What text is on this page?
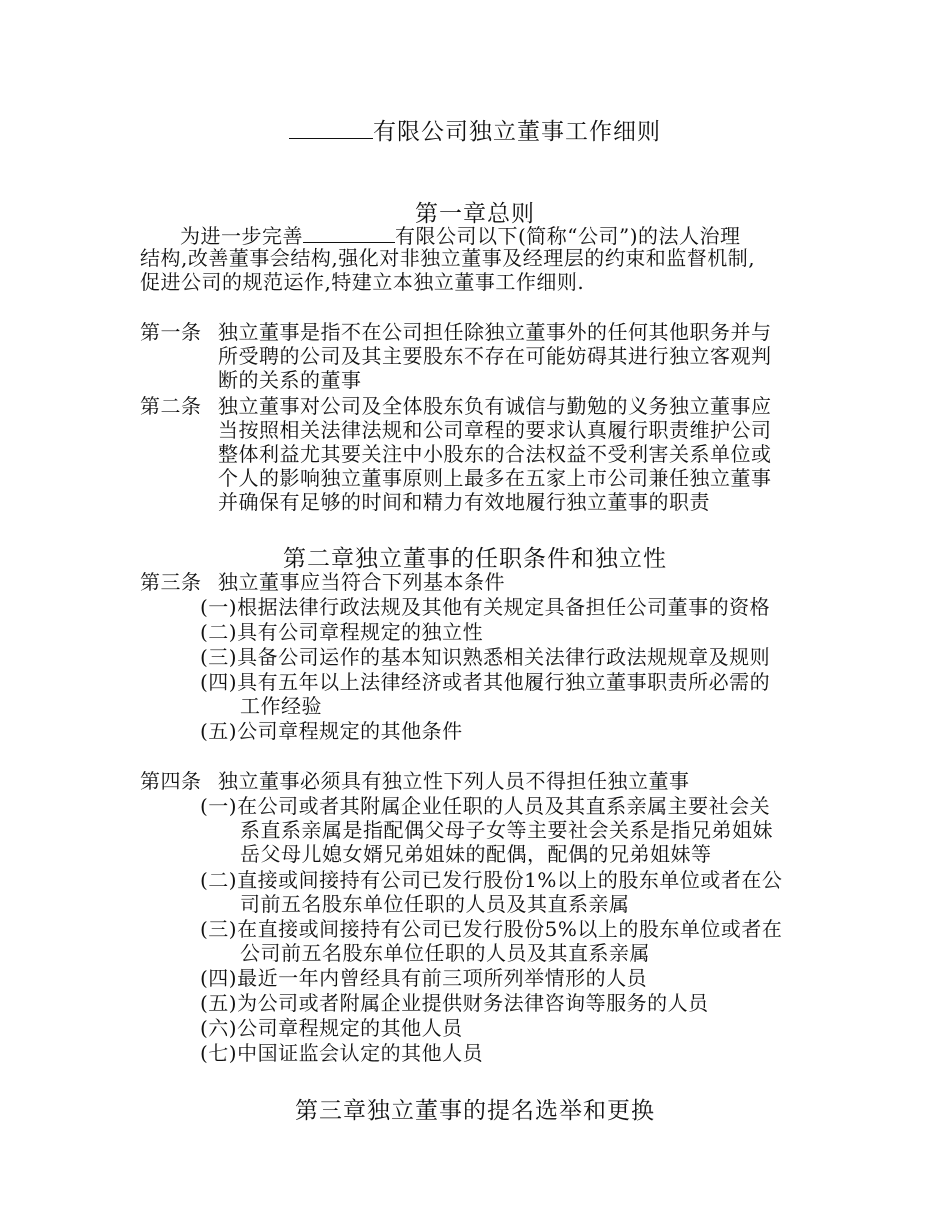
有限公司独立董事工作细则
第一章总则
为进一步完善	有限公司以下(简称“公司”)的法人治理
结构,改善董事会结构,强化对非独立董事及经理层的约束和监督机制,
促进公司的规范运作,特建立本独立董事工作细则.
第一条 独立董事是指不在公司担任除独立董事外的任何其他职务并与
所受聘的公司及其主要股东不存在可能妨碍其进行独立客观判
断的关系的董事
第二条 独立董事对公司及全体股东负有诚信与勤勉的义务独立董事应
当按照相关法律法规和公司章程的要求认真履行职责维护公司
整体利益尤其要关注中小股东的合法权益不受利害关系单位或
个人的影响独立董事原则上最多在五家上市公司兼任独立董事
并确保有足够的时间和精力有效地履行独立董事的职责
第二章独立董事的任职条件和独立性
第三条 独立董事应当符合下列基本条件
(一)根据法律行政法规及其他有关规定具备担任公司董事的资格
(二)具有公司章程规定的独立性
(三)具备公司运作的基本知识熟悉相关法律行政法规规章及规则
(四)具有五年以上法律经济或者其他履行独立董事职责所必需的
工作经验
(五)公司章程规定的其他条件
第四条 独立董事必须具有独立性下列人员不得担任独立董事
(一)在公司或者其附属企业任职的人员及其直系亲属主要社会关
系直系亲属是指配偶父母子女等主要社会关系是指兄弟姐妹
岳父母儿媳女婿兄弟姐妹的配偶，配偶的兄弟姐妹等
(二)直接或间接持有公司已发行股份1%以上的股东单位或者在公
司前五名股东单位任职的人员及其直系亲属
(三)在直接或间接持有公司已发行股份5%以上的股东单位或者在
公司前五名股东单位任职的人员及其直系亲属
(四)最近一年内曾经具有前三项所列举情形的人员
(五)为公司或者附属企业提供财务法律咨询等服务的人员
(六)公司章程规定的其他人员
(七)中国证监会认定的其他人员
第三章独立董事的提名选举和更换
